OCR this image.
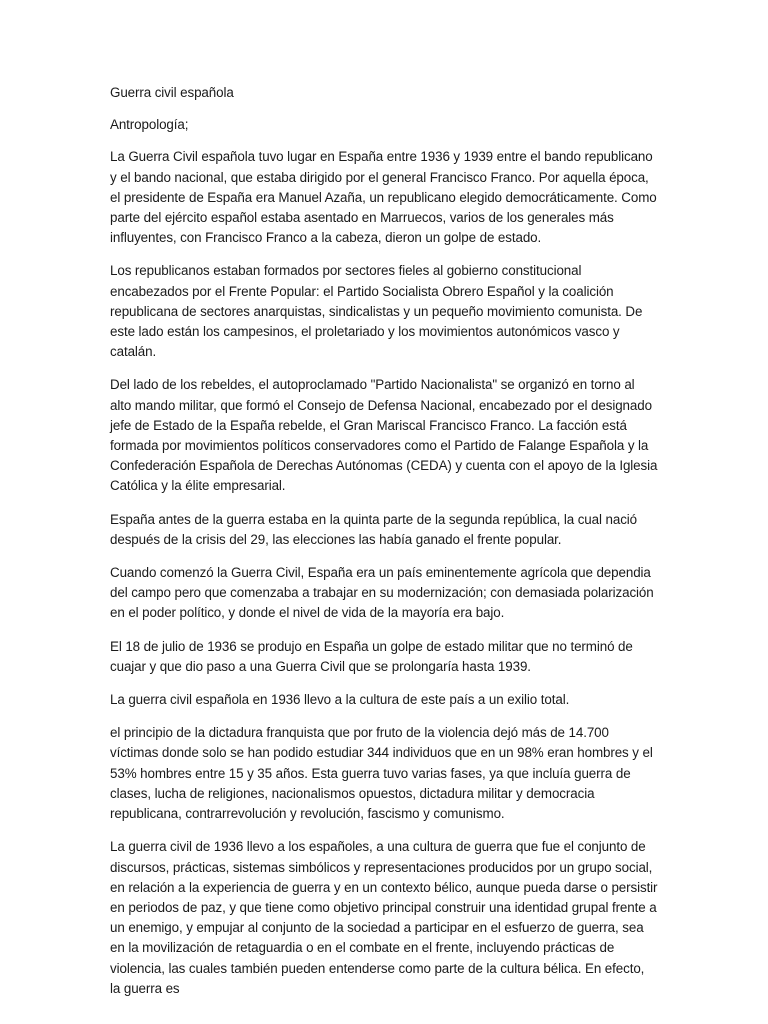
Guerra civil española

Antropología;

La Guerra Civil española tuvo lugar en España entre 1936 y 1939 entre el bando republicano y el bando nacional, que estaba dirigido por el general Francisco Franco. Por aquella época, el presidente de España era Manuel Azaña, un republicano elegido democráticamente. Como parte del ejército español estaba asentado en Marruecos, varios de los generales más influyentes, con Francisco Franco a la cabeza, dieron un golpe de estado.

Los republicanos estaban formados por sectores fieles al gobierno constitucional encabezados por el Frente Popular: el Partido Socialista Obrero Español y la coalición republicana de sectores anarquistas, sindicalistas y un pequeño movimiento comunista. De este lado están los campesinos, el proletariado y los movimientos autonómicos vasco y catalán.

Del lado de los rebeldes, el autoproclamado "Partido Nacionalista" se organizó en torno al alto mando militar, que formó el Consejo de Defensa Nacional, encabezado por el designado jefe de Estado de la España rebelde, el Gran Mariscal Francisco Franco. La facción está formada por movimientos políticos conservadores como el Partido de Falange Española y la Confederación Española de Derechas Autónomas (CEDA) y cuenta con el apoyo de la Iglesia Católica y la élite empresarial.

España antes de la guerra estaba en la quinta parte de la segunda república, la cual nació después de la crisis del 29, las elecciones las había ganado el frente popular.

Cuando comenzó la Guerra Civil, España era un país eminentemente agrícola que dependia del campo pero que comenzaba a trabajar en su modernización; con demasiada polarización en el poder político, y donde el nivel de vida de la mayoría era bajo.

El 18 de julio de 1936 se produjo en España un golpe de estado militar que no terminó de cuajar y que dio paso a una Guerra Civil que se prolongaría hasta 1939.

La guerra civil española en 1936 llevo a la cultura de este país a un exilio total.

el principio de la dictadura franquista que por fruto de la violencia dejó más de 14.700 víctimas donde solo se han podido estudiar 344 individuos que en un 98% eran hombres y el 53% hombres entre 15 y 35 años. Esta guerra tuvo varias fases, ya que incluía guerra de clases, lucha de religiones, nacionalismos opuestos, dictadura militar y democracia republicana, contrarrevolución y revolución, fascismo y comunismo.

La guerra civil de 1936 llevo a los españoles, a una cultura de guerra que fue el conjunto de discursos, prácticas, sistemas simbólicos y representaciones producidos por un grupo social, en relación a la experiencia de guerra y en un contexto bélico, aunque pueda darse o persistir en periodos de paz, y que tiene como objetivo principal construir una identidad grupal frente a un enemigo, y empujar al conjunto de la sociedad a participar en el esfuerzo de guerra, sea en la movilización de retaguardia o en el combate en el frente, incluyendo prácticas de violencia, las cuales también pueden entenderse como parte de la cultura bélica. En efecto, la guerra es
